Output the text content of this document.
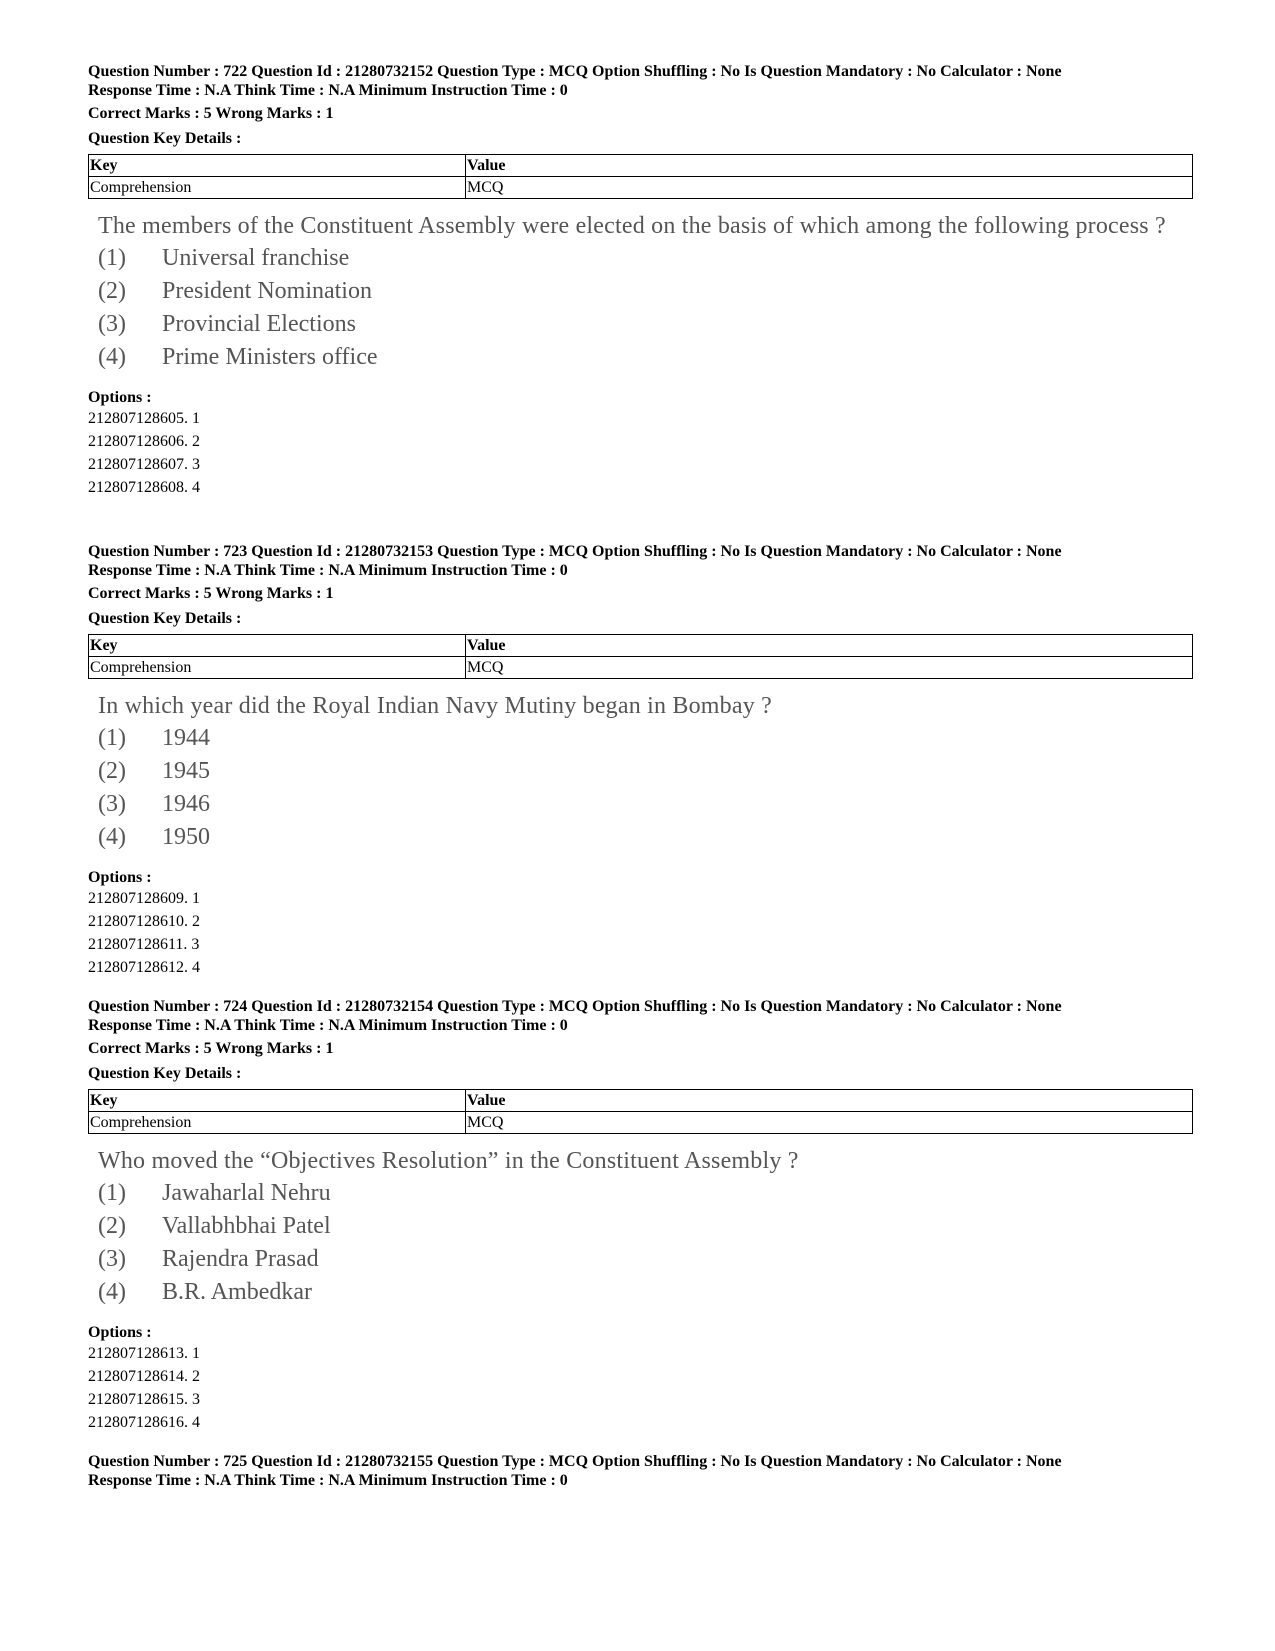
Question Number : 722 Question Id : 21280732152 Question Type : MCQ Option Shuffling : No Is Question Mandatory : No Calculator : None
Response Time : N.A Think Time : N.A Minimum Instruction Time : 0
Correct Marks : 5 Wrong Marks : 1
Question Key Details :
Key	Value
Comprehension	MCQ
The members of the Constituent Assembly were elected on the basis of which among the following process ?
(1)	Universal franchise
(2)	President Nomination
(3)	Provincial Elections
(4)	Prime Ministers office
Options :
212807128605. 1
212807128606. 2
212807128607. 3
212807128608. 4
Question Number : 723 Question Id : 21280732153 Question Type : MCQ Option Shuffling : No Is Question Mandatory : No Calculator : None
Response Time : N.A Think Time : N.A Minimum Instruction Time : 0
Correct Marks : 5 Wrong Marks : 1
Question Key Details :
Key	Value
Comprehension	MCQ
In which year did the Royal Indian Navy Mutiny began in Bombay ?
(1)	1944
(2)	1945
(3)	1946
(4)	1950
Options :
212807128609. 1
212807128610. 2
212807128611. 3
212807128612. 4
Question Number : 724 Question Id : 21280732154 Question Type : MCQ Option Shuffling : No Is Question Mandatory : No Calculator : None
Response Time : N.A Think Time : N.A Minimum Instruction Time : 0
Correct Marks : 5 Wrong Marks : 1
Question Key Details :
Key	Value
Comprehension	MCQ
Who moved the “Objectives Resolution” in the Constituent Assembly ?
(1)	Jawaharlal Nehru
(2)	Vallabhbhai Patel
(3)	Rajendra Prasad
(4)	B.R. Ambedkar
Options :
212807128613. 1
212807128614. 2
212807128615. 3
212807128616. 4
Question Number : 725 Question Id : 21280732155 Question Type : MCQ Option Shuffling : No Is Question Mandatory : No Calculator : None
Response Time : N.A Think Time : N.A Minimum Instruction Time : 0
